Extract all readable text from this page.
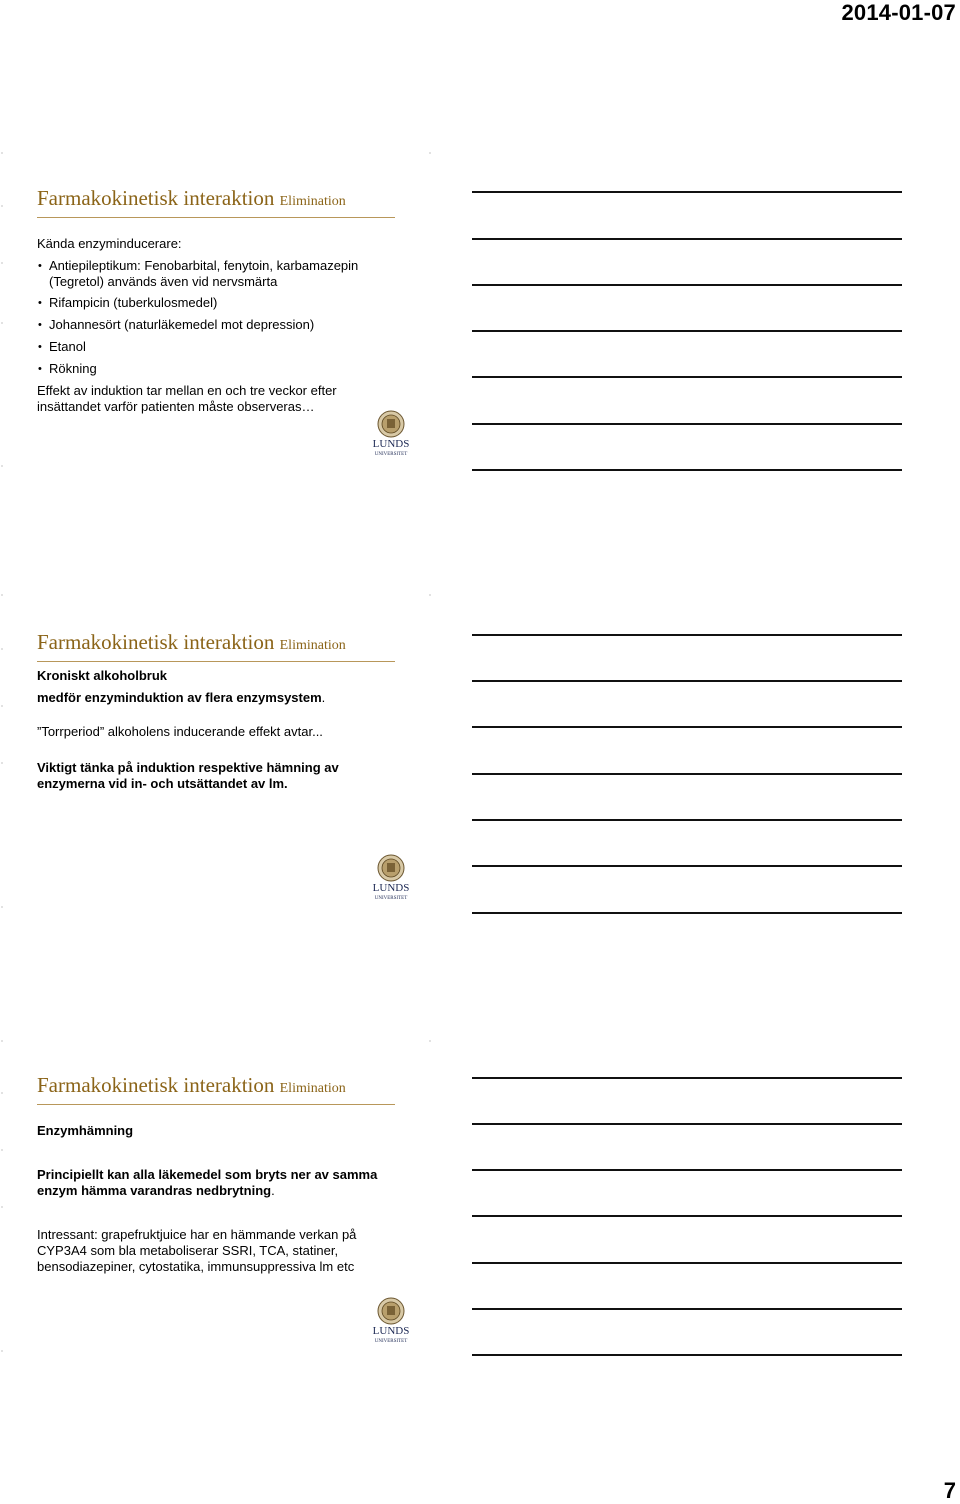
2014-01-07
Farmakokinetisk interaktion Elimination

Kända enzyminducerare:

• Antiepileptikum: Fenobarbital, fenytoin, karbamazepin (Tegretol) används även vid nervsmärta
• Rifampicin (tuberkulosmedel)
• Johannesört (naturläkemedel mot depression)
• Etanol
• Rökning

Effekt av induktion tar mellan en och tre veckor efter insättandet varför patienten måste observeras…

LUNDS
UNIVERSITET
Farmakokinetisk interaktion Elimination

Kroniskt alkoholbruk

medför enzyminduktion av flera enzymsystem.

”Torrperiod” alkoholens inducerande effekt avtar...

Viktigt tänka på induktion respektive hämning av enzymerna vid in- och utsättandet av lm.

LUNDS
UNIVERSITET
Farmakokinetisk interaktion Elimination

Enzymhämning

Principiellt kan alla läkemedel som bryts ner av samma enzym hämma varandras nedbrytning.

Intressant: grapefruktjuice har en hämmande verkan på CYP3A4 som bla metaboliserar SSRI, TCA, statiner, bensodiazepiner, cytostatika, immunsuppressiva lm etc

LUNDS
UNIVERSITET
7
